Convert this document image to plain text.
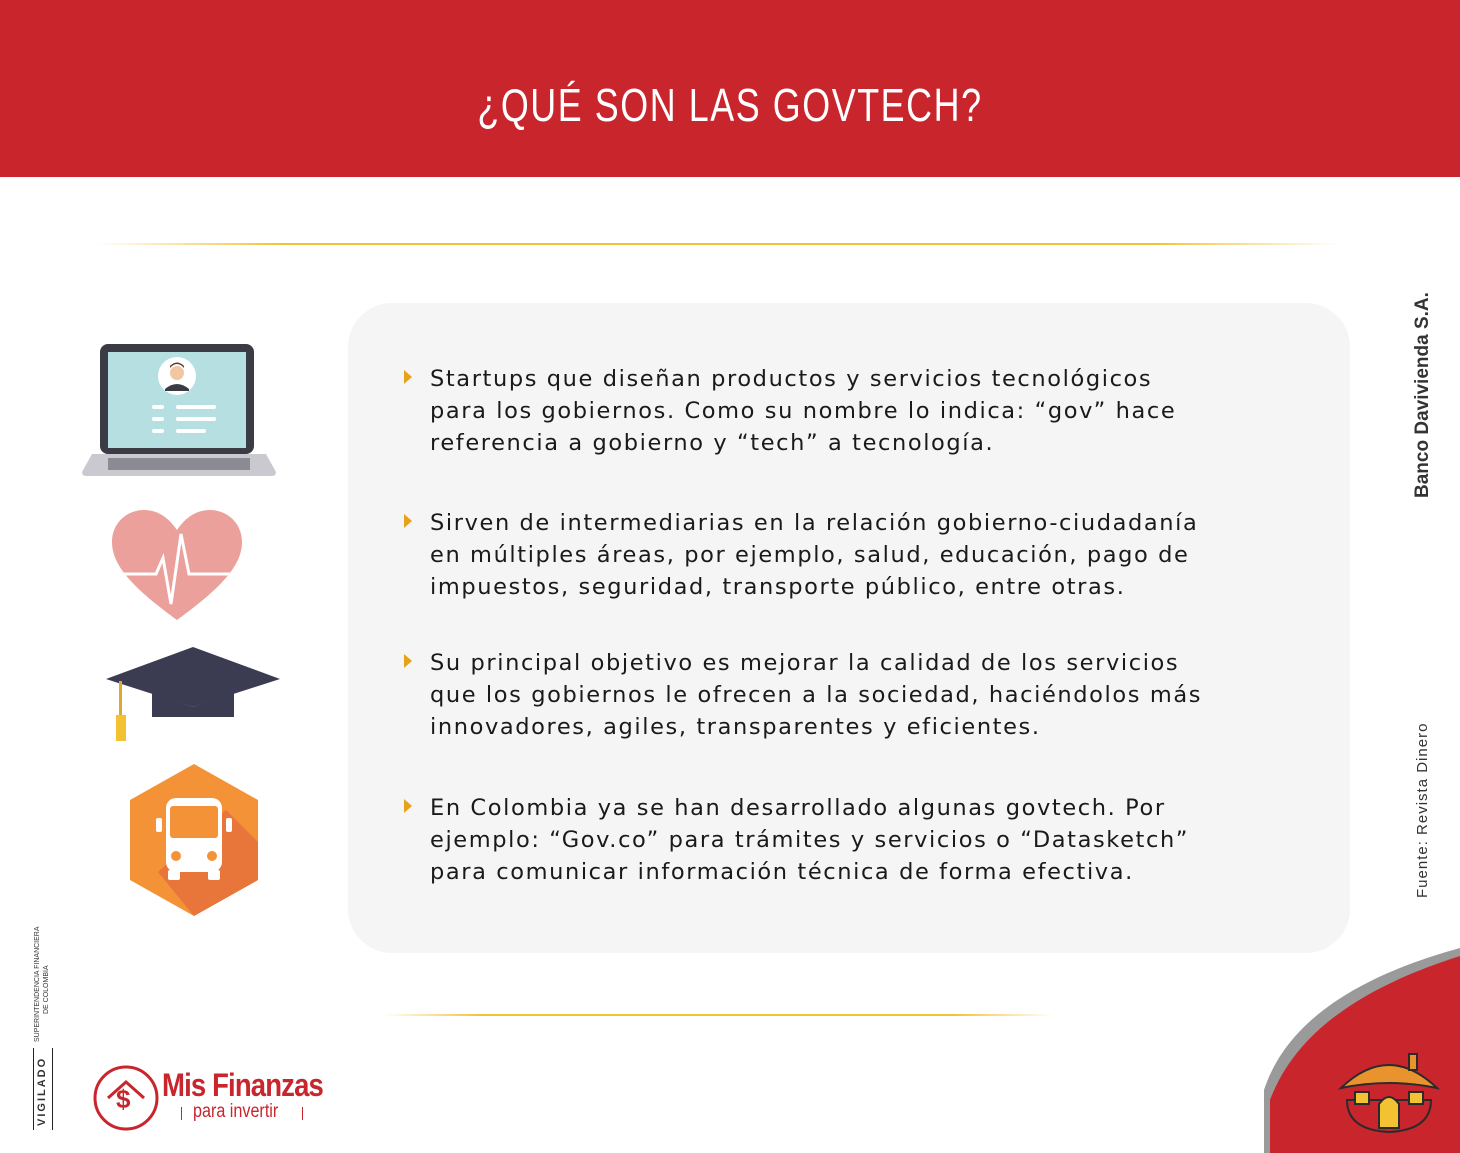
¿QUÉ SON LAS GOVTECH?
Startups que diseñan productos y servicios tecnológicos
para los gobiernos. Como su nombre lo indica: “gov” hace
referencia a gobierno y “tech” a tecnología.
Sirven de intermediarias en la relación gobierno-ciudadanía
en múltiples áreas, por ejemplo, salud, educación, pago de
impuestos, seguridad, transporte público, entre otras.
Su principal objetivo es mejorar la calidad de los servicios
que los gobiernos le ofrecen a la sociedad, haciéndolos más
innovadores, agiles, transparentes y eficientes.
En Colombia ya se han desarrollado algunas govtech. Por
ejemplo: “Gov.co” para trámites y servicios o “Datasketch”
para comunicar información técnica de forma efectiva.
Banco Davivienda S.A.
Fuente: Revista Dinero
VIGILADO
SUPERINTENDENCIA FINANCIERA DE COLOMBIA
$ Mis Finanzas
para invertir
